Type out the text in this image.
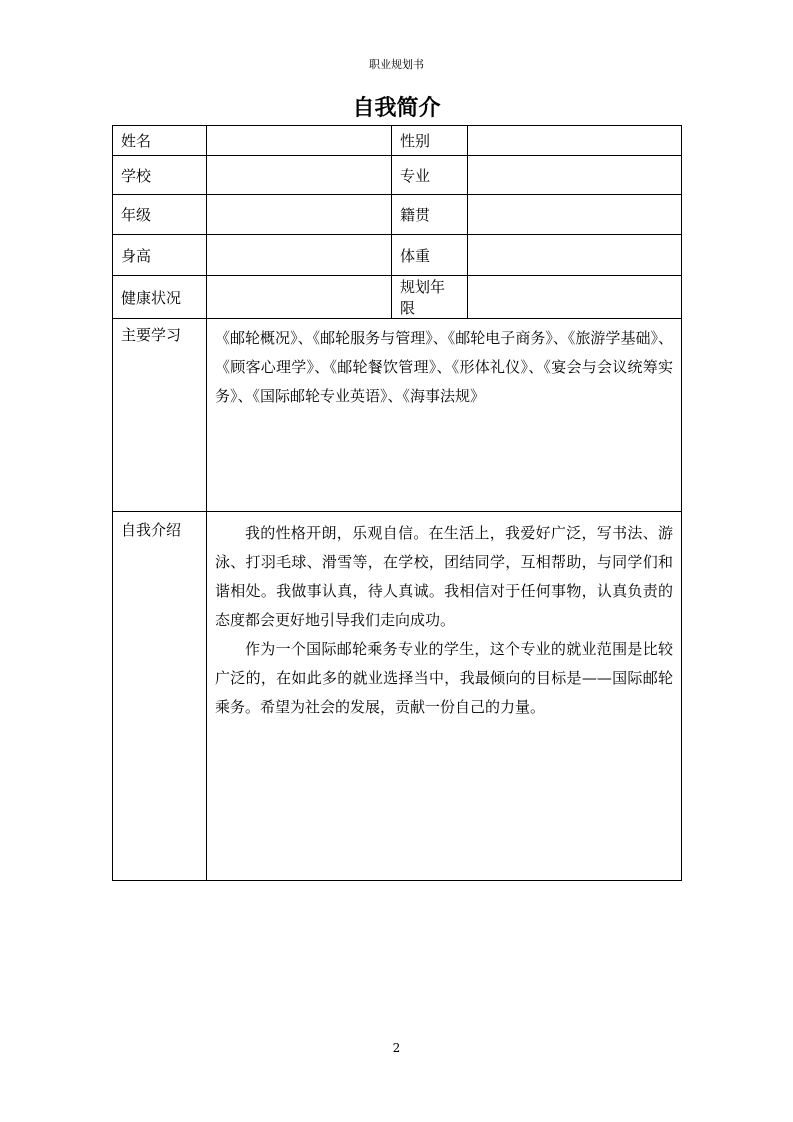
职业规划书
自我简介
姓名		性别	
学校		专业	
年级		籍贯	
身高		体重	
健康状况		规划年限	
主要学习	《邮轮概况》、《邮轮服务与管理》、《邮轮电子商务》、《旅游学基础》、《顾客心理学》、《邮轮餐饮管理》、《形体礼仪》、《宴会与会议统筹实务》、《国际邮轮专业英语》、《海事法规》		

自我介绍	我的性格开朗，乐观自信。在生活上，我爱好广泛，写书法、游泳、打羽毛球、滑雪等，在学校，团结同学，互相帮助，与同学们和谐相处。我做事认真，待人真诚。我相信对于任何事物，认真负责的态度都会更好地引导我们走向成功。

作为一个国际邮轮乘务专业的学生，这个专业的就业范围是比较广泛的，在如此多的就业选择当中，我最倾向的目标是——国际邮轮乘务。希望为社会的发展，贡献一份自己的力量。		

2
